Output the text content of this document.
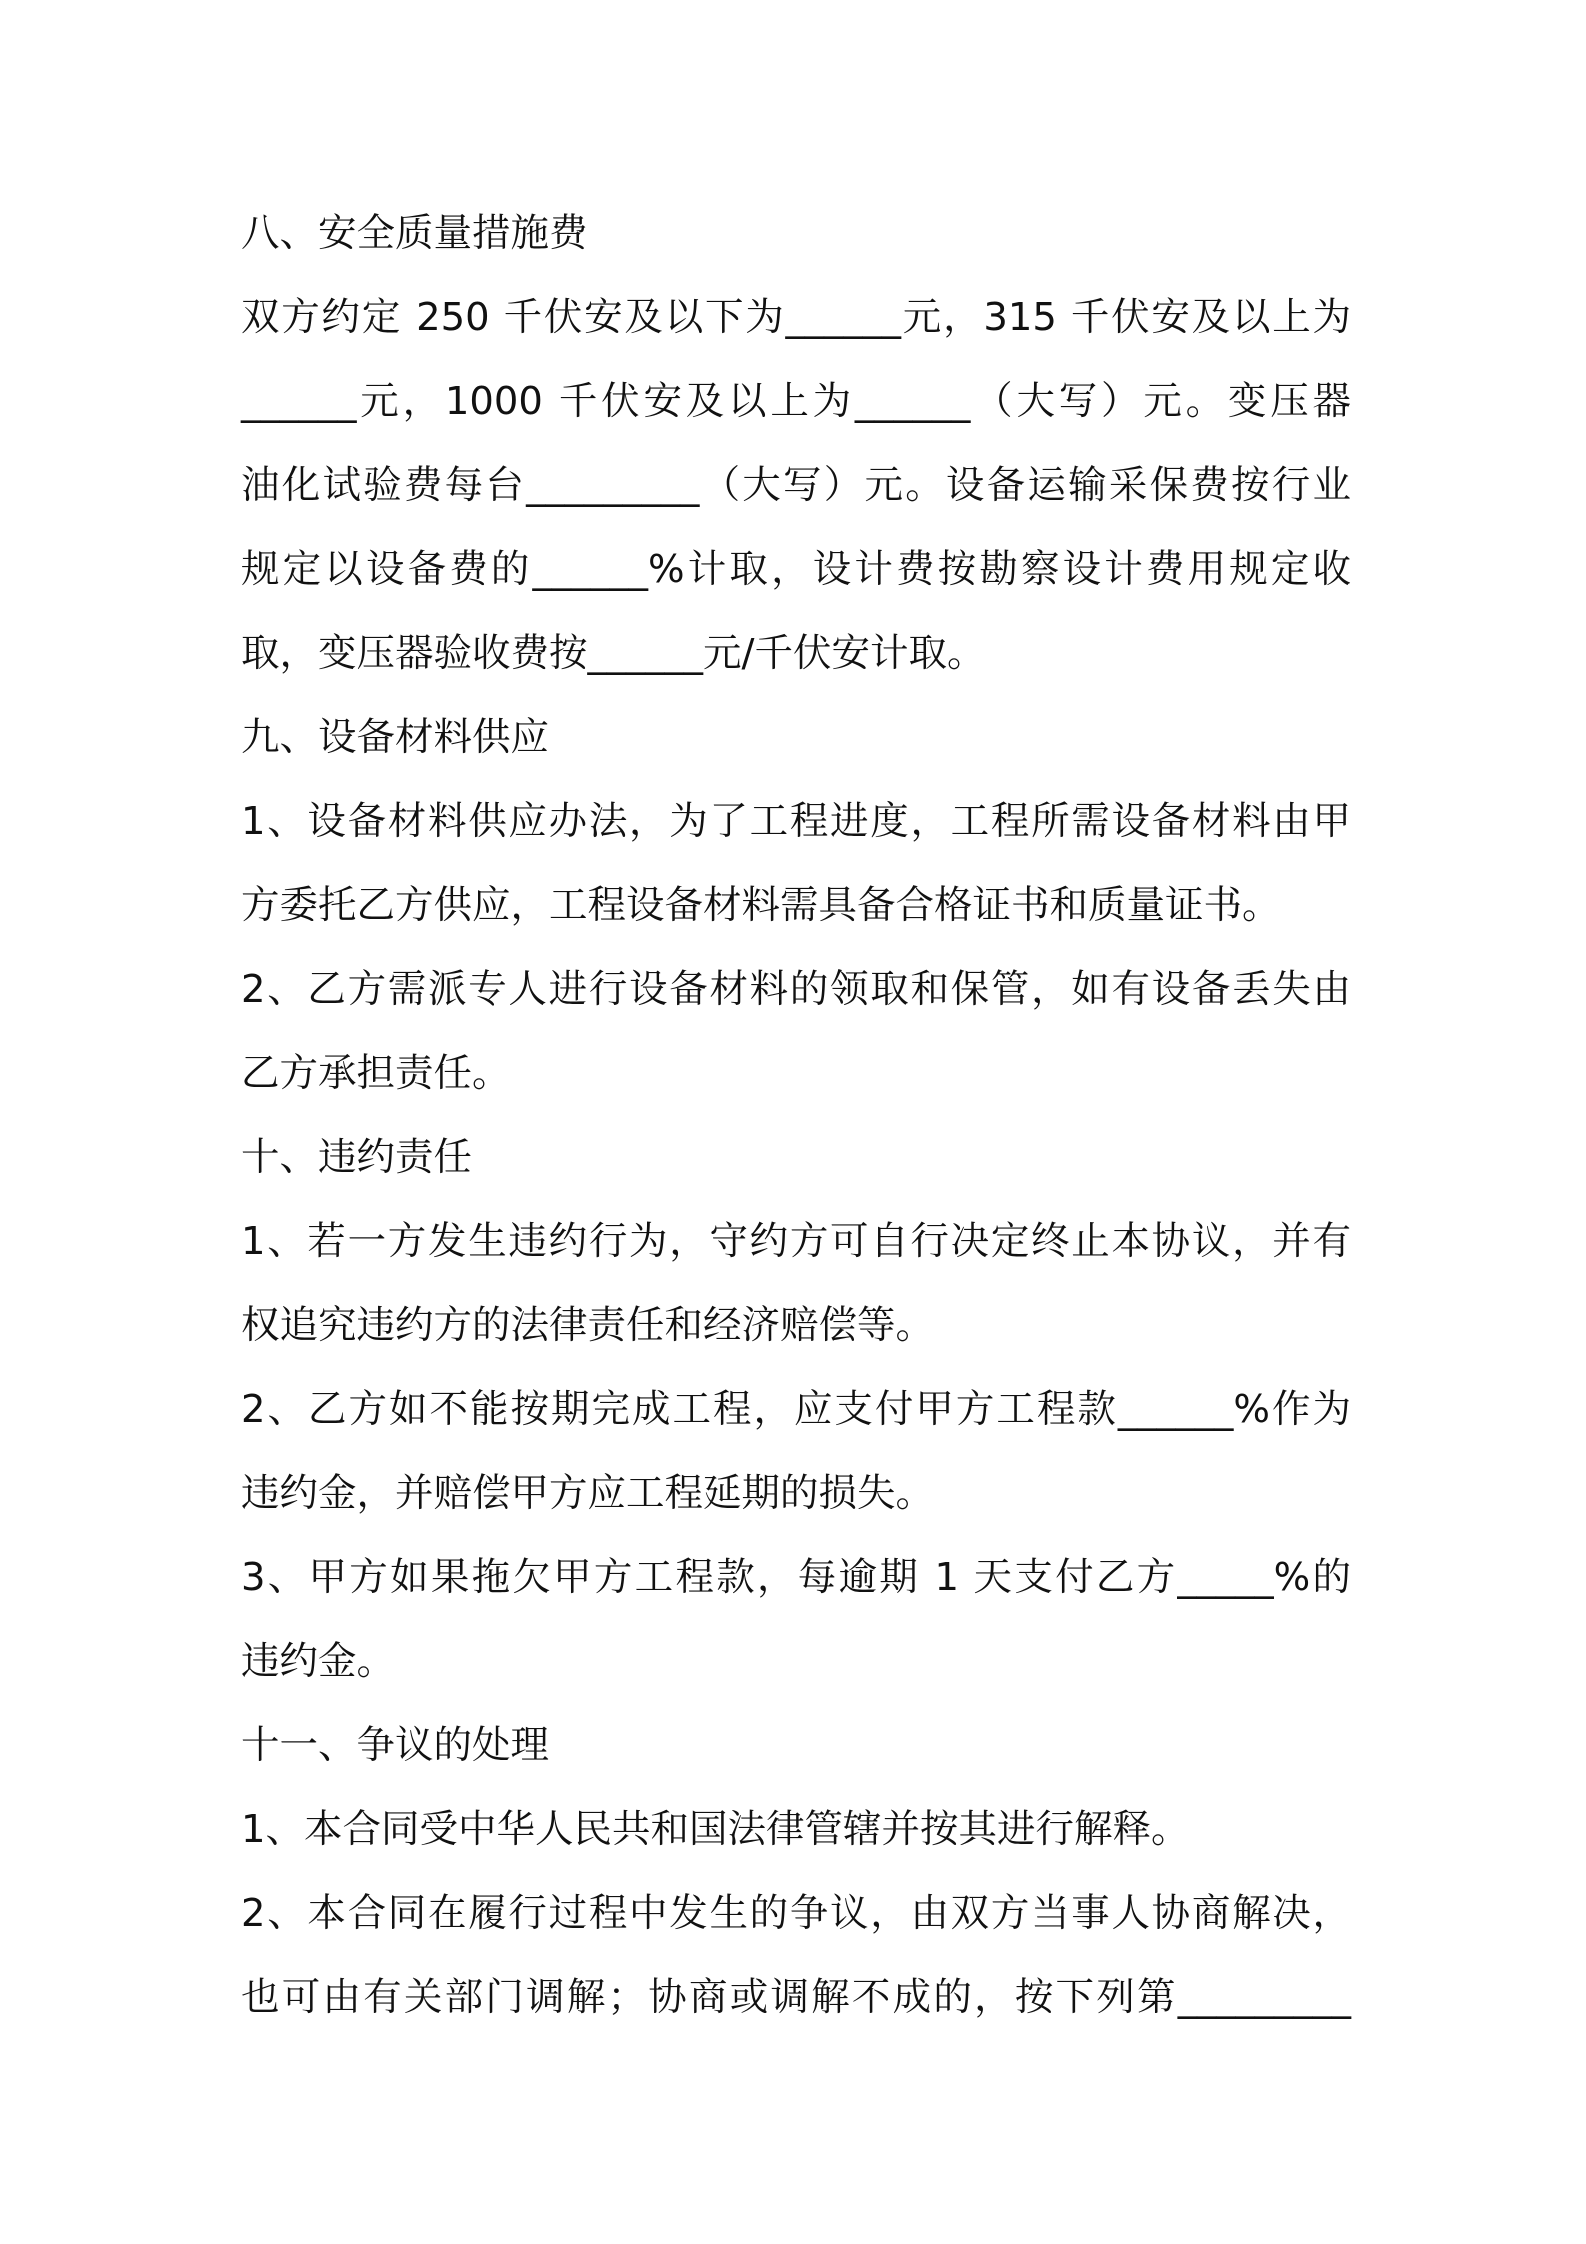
八、安全质量措施费
双方约定 250 千伏安及以下为______元，315 千伏安及以上为
______元，1000 千伏安及以上为______（大写）元。变压器
油化试验费每台_________（大写）元。设备运输采保费按行业
规定以设备费的______%计取，设计费按勘察设计费用规定收
取，变压器验收费按______元/千伏安计取。
九、设备材料供应
1、设备材料供应办法，为了工程进度，工程所需设备材料由甲
方委托乙方供应，工程设备材料需具备合格证书和质量证书。
2、乙方需派专人进行设备材料的领取和保管，如有设备丢失由
乙方承担责任。
十、违约责任
1、若一方发生违约行为，守约方可自行决定终止本协议，并有
权追究违约方的法律责任和经济赔偿等。
2、乙方如不能按期完成工程，应支付甲方工程款______%作为
违约金，并赔偿甲方应工程延期的损失。
3、甲方如果拖欠甲方工程款，每逾期 1 天支付乙方_____%的
违约金。
十一、争议的处理
1、本合同受中华人民共和国法律管辖并按其进行解释。
2、本合同在履行过程中发生的争议，由双方当事人协商解决，
也可由有关部门调解；协商或调解不成的，按下列第_________
